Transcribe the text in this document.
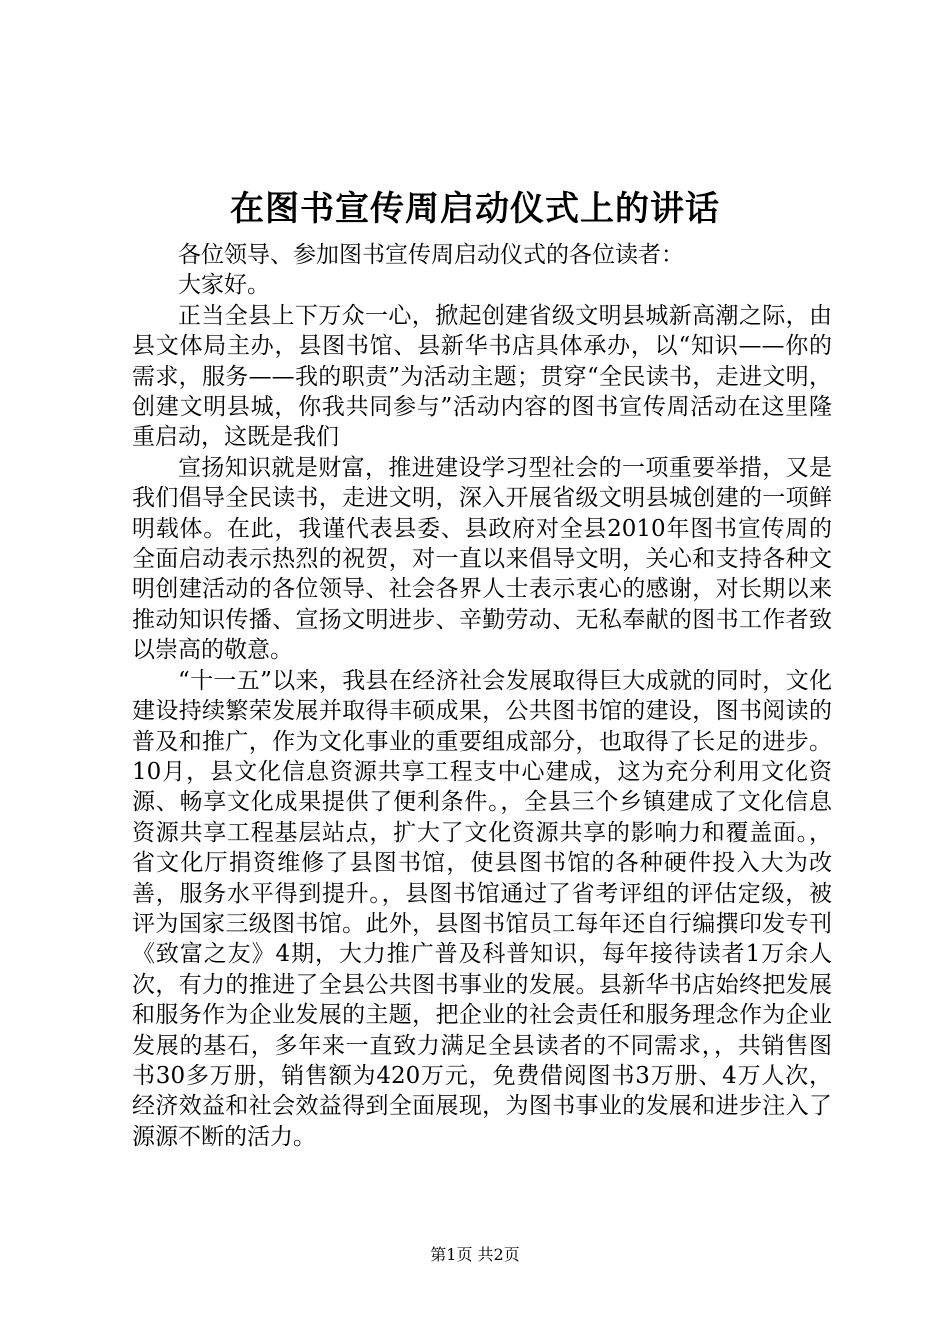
在图书宣传周启动仪式上的讲话

各位领导、参加图书宣传周启动仪式的各位读者：

大家好。

正当全县上下万众一心，掀起创建省级文明县城新高潮之际，由县文体局主办，县图书馆、县新华书店具体承办，以“知识——你的需求，服务——我的职责”为活动主题；贯穿“全民读书，走进文明，创建文明县城，你我共同参与”活动内容的图书宣传周活动在这里隆重启动，这既是我们

宣扬知识就是财富，推进建设学习型社会的一项重要举措，又是我们倡导全民读书，走进文明，深入开展省级文明县城创建的一项鲜明载体。在此，我谨代表县委、县政府对全县2010年图书宣传周的全面启动表示热烈的祝贺，对一直以来倡导文明，关心和支持各种文明创建活动的各位领导、社会各界人士表示衷心的感谢，对长期以来推动知识传播、宣扬文明进步、辛勤劳动、无私奉献的图书工作者致以崇高的敬意。

“十一五”以来，我县在经济社会发展取得巨大成就的同时，文化建设持续繁荣发展并取得丰硕成果，公共图书馆的建设，图书阅读的普及和推广，作为文化事业的重要组成部分，也取得了长足的进步。10月，县文化信息资源共享工程支中心建成，这为充分利用文化资源、畅享文化成果提供了便利条件。，全县三个乡镇建成了文化信息资源共享工程基层站点，扩大了文化资源共享的影响力和覆盖面。，省文化厅捐资维修了县图书馆，使县图书馆的各种硬件投入大为改善，服务水平得到提升。，县图书馆通过了省考评组的评估定级，被评为国家三级图书馆。此外，县图书馆员工每年还自行编撰印发专刊《致富之友》4期，大力推广普及科普知识，每年接待读者1万余人次，有力的推进了全县公共图书事业的发展。县新华书店始终把发展和服务作为企业发展的主题，把企业的社会责任和服务理念作为企业发展的基石，多年来一直致力满足全县读者的不同需求，，共销售图书30多万册，销售额为420万元，免费借阅图书3万册、4万人次，经济效益和社会效益得到全面展现，为图书事业的发展和进步注入了源源不断的活力。

第1页 共2页
